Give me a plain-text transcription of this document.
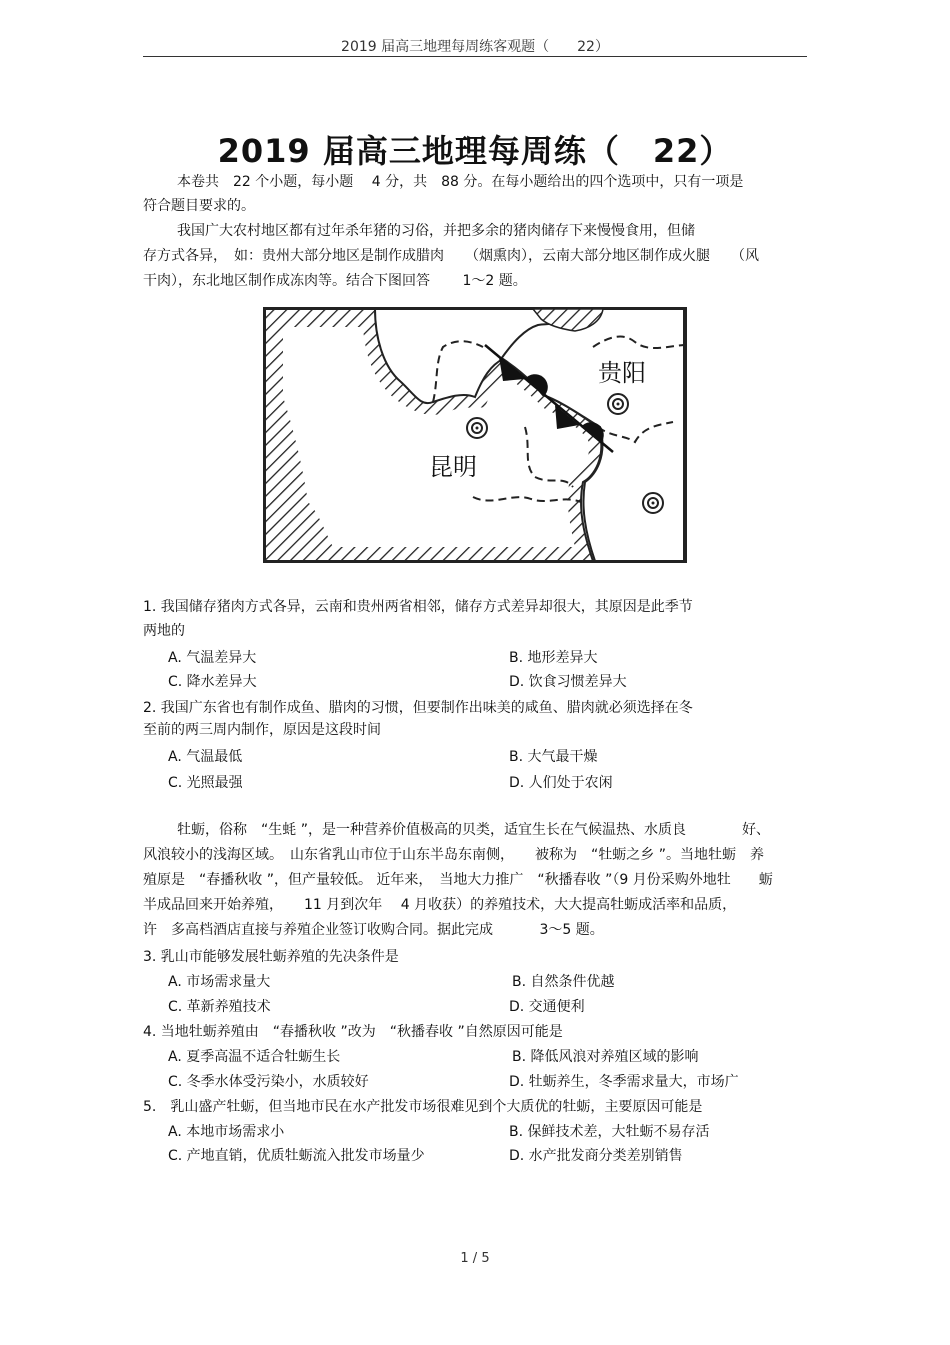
2019 届高三地理每周练客观题（　　22）
2019 届高三地理每周练（　22）
本卷共　22 个小题，每小题　 4 分，共　88 分。在每小题给出的四个选项中，只有一项是
符合题目要求的。
我国广大农村地区都有过年杀年猪的习俗，并把多余的猪肉储存下来慢慢食用，但储
存方式各异，　如：贵州大部分地区是制作成腊肉　　（烟熏肉），云南大部分地区制作成火腿　　（风
干肉），东北地区制作成冻肉等。结合下图回答　　 1～2 题。
贵阳
昆明
1. 我国储存猪肉方式各异，云南和贵州两省相邻，储存方式差异却很大，其原因是此季节
两地的
A. 气温差异大	B. 地形差异大
C. 降水差异大	D. 饮食习惯差异大
2. 我国广东省也有制作成鱼、腊肉的习惯，但要制作出味美的咸鱼、腊肉就必须选择在冬
至前的两三周内制作，原因是这段时间
A. 气温最低	B. 大气最干燥
C. 光照最强	D. 人们处于农闲
牡蛎，俗称　“生蚝 ”，是一种营养价值极高的贝类，适宜生长在气候温热、水质良　　　　好、
风浪较小的浅海区域。　山东省乳山市位于山东半岛东南侧，　　被称为　“牡蛎之乡 ”。当地牡蛎　养
殖原是　“春播秋收 ”，但产量较低。 近年来，　当地大力推广　“秋播春收 ”（9 月份采购外地牡　　蛎
半成品回来开始养殖，　　11 月到次年　 4 月收获）的养殖技术，大大提高牡蛎成活率和品质，
许　多高档酒店直接与养殖企业签订收购合同。据此完成　　　 3～5 题。
3. 乳山市能够发展牡蛎养殖的先决条件是
A. 市场需求量大	B. 自然条件优越
C. 革新养殖技术	D. 交通便利
4. 当地牡蛎养殖由　“春播秋收 ”改为　“秋播春收 ”自然原因可能是
A. 夏季高温不适合牡蛎生长	B. 降低风浪对养殖区域的影响
C. 冬季水体受污染小，水质较好	D. 牡蛎养生，冬季需求量大，市场广
5.　乳山盛产牡蛎，但当地市民在水产批发市场很难见到个大质优的牡蛎，主要原因可能是
A. 本地市场需求小	B. 保鲜技术差，大牡蛎不易存活
C. 产地直销，优质牡蛎流入批发市场量少	D. 水产批发商分类差别销售
1 / 5
